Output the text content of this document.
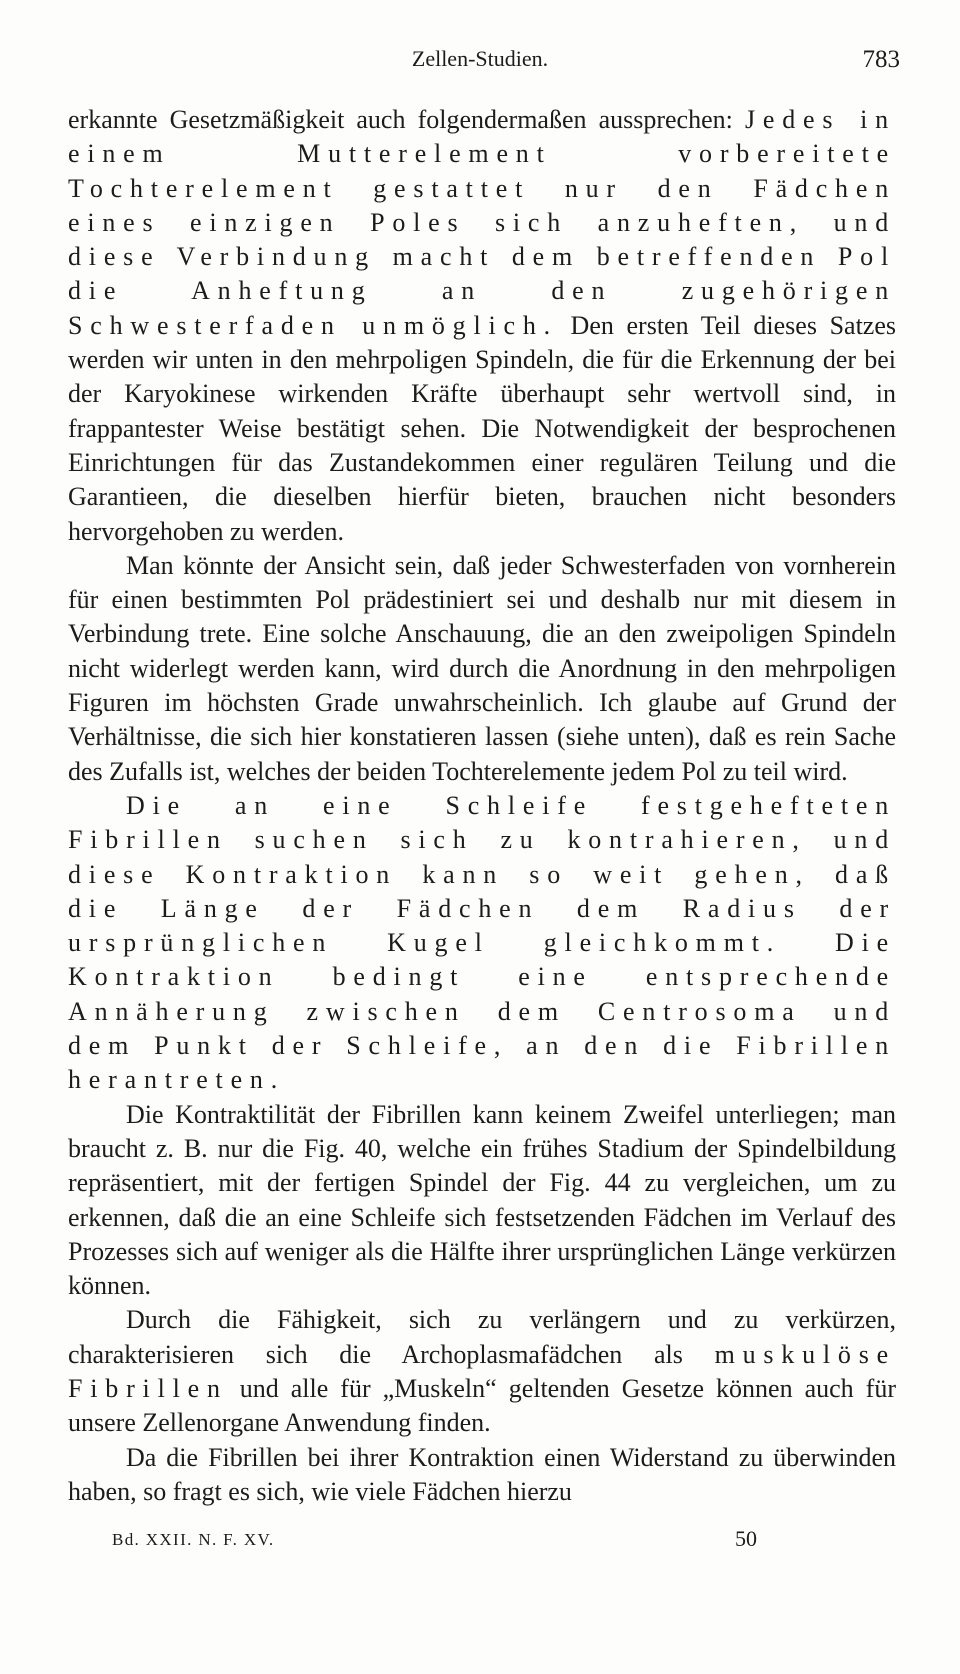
Zellen-Studien.	783

erkannte Gesetzmäßigkeit auch folgendermaßen aussprechen: Jedes in einem Mutterelement vorbereitete Tochterelement gestattet nur den Fädchen eines einzigen Poles sich anzuheften, und diese Verbindung macht dem betreffenden Pol die Anheftung an den zugehörigen Schwesterfaden unmöglich. Den ersten Teil dieses Satzes werden wir unten in den mehrpoligen Spindeln, die für die Erkennung der bei der Karyokinese wirkenden Kräfte überhaupt sehr wertvoll sind, in frappantester Weise bestätigt sehen. Die Notwendigkeit der besprochenen Einrichtungen für das Zustandekommen einer regulären Teilung und die Garantieen, die dieselben hierfür bieten, brauchen nicht besonders hervorgehoben zu werden.

Man könnte der Ansicht sein, daß jeder Schwesterfaden von vornherein für einen bestimmten Pol prädestiniert sei und deshalb nur mit diesem in Verbindung trete. Eine solche Anschauung, die an den zweipoligen Spindeln nicht widerlegt werden kann, wird durch die Anordnung in den mehrpoligen Figuren im höchsten Grade unwahrscheinlich. Ich glaube auf Grund der Verhältnisse, die sich hier konstatieren lassen (siehe unten), daß es rein Sache des Zufalls ist, welches der beiden Tochterelemente jedem Pol zu teil wird.

Die an eine Schleife festgehefteten Fibrillen suchen sich zu kontrahieren, und diese Kontraktion kann so weit gehen, daß die Länge der Fädchen dem Radius der ursprünglichen Kugel gleichkommt. Die Kontraktion bedingt eine entsprechende Annäherung zwischen dem Centrosoma und dem Punkt der Schleife, an den die Fibrillen herantreten.

Die Kontraktilität der Fibrillen kann keinem Zweifel unterliegen; man braucht z. B. nur die Fig. 40, welche ein frühes Stadium der Spindelbildung repräsentiert, mit der fertigen Spindel der Fig. 44 zu vergleichen, um zu erkennen, daß die an eine Schleife sich festsetzenden Fädchen im Verlauf des Prozesses sich auf weniger als die Hälfte ihrer ursprünglichen Länge verkürzen können.

Durch die Fähigkeit, sich zu verlängern und zu verkürzen, charakterisieren sich die Archoplasmafädchen als muskulöse Fibrillen und alle für „Muskeln“ geltenden Gesetze können auch für unsere Zellenorgane Anwendung finden.

Da die Fibrillen bei ihrer Kontraktion einen Widerstand zu überwinden haben, so fragt es sich, wie viele Fädchen hierzu

Bd. XXII. N. F. XV.	50
